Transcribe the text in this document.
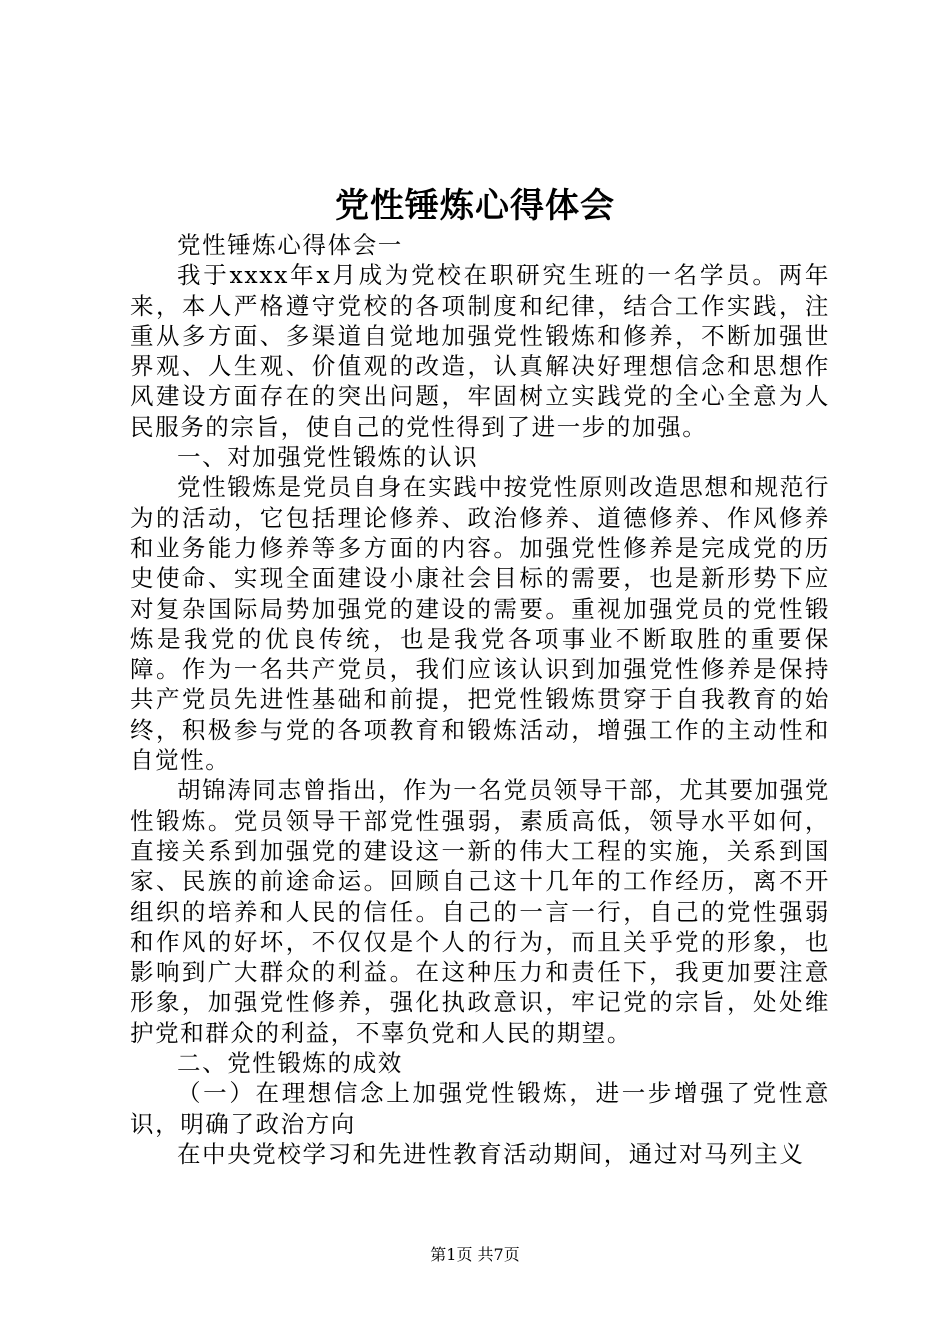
党性锤炼心得体会

党性锤炼心得体会一

我于xxxx年x月成为党校在职研究生班的一名学员。两年来，本人严格遵守党校的各项制度和纪律，结合工作实践，注重从多方面、多渠道自觉地加强党性锻炼和修养，不断加强世界观、人生观、价值观的改造，认真解决好理想信念和思想作风建设方面存在的突出问题，牢固树立实践党的全心全意为人民服务的宗旨，使自己的党性得到了进一步的加强。

一、对加强党性锻炼的认识

党性锻炼是党员自身在实践中按党性原则改造思想和规范行为的活动，它包括理论修养、政治修养、道德修养、作风修养和业务能力修养等多方面的内容。加强党性修养是完成党的历史使命、实现全面建设小康社会目标的需要，也是新形势下应对复杂国际局势加强党的建设的需要。重视加强党员的党性锻炼是我党的优良传统，也是我党各项事业不断取胜的重要保障。作为一名共产党员，我们应该认识到加强党性修养是保持共产党员先进性基础和前提，把党性锻炼贯穿于自我教育的始终，积极参与党的各项教育和锻炼活动，增强工作的主动性和自觉性。

胡锦涛同志曾指出，作为一名党员领导干部，尤其要加强党性锻炼。党员领导干部党性强弱，素质高低，领导水平如何，直接关系到加强党的建设这一新的伟大工程的实施，关系到国家、民族的前途命运。回顾自己这十几年的工作经历，离不开组织的培养和人民的信任。自己的一言一行，自己的党性强弱和作风的好坏，不仅仅是个人的行为，而且关乎党的形象，也影响到广大群众的利益。在这种压力和责任下，我更加要注意形象，加强党性修养，强化执政意识，牢记党的宗旨，处处维护党和群众的利益，不辜负党和人民的期望。

二、党性锻炼的成效

（一）在理想信念上加强党性锻炼，进一步增强了党性意识，明确了政治方向

在中央党校学习和先进性教育活动期间，通过对马列主义

第1页 共7页
